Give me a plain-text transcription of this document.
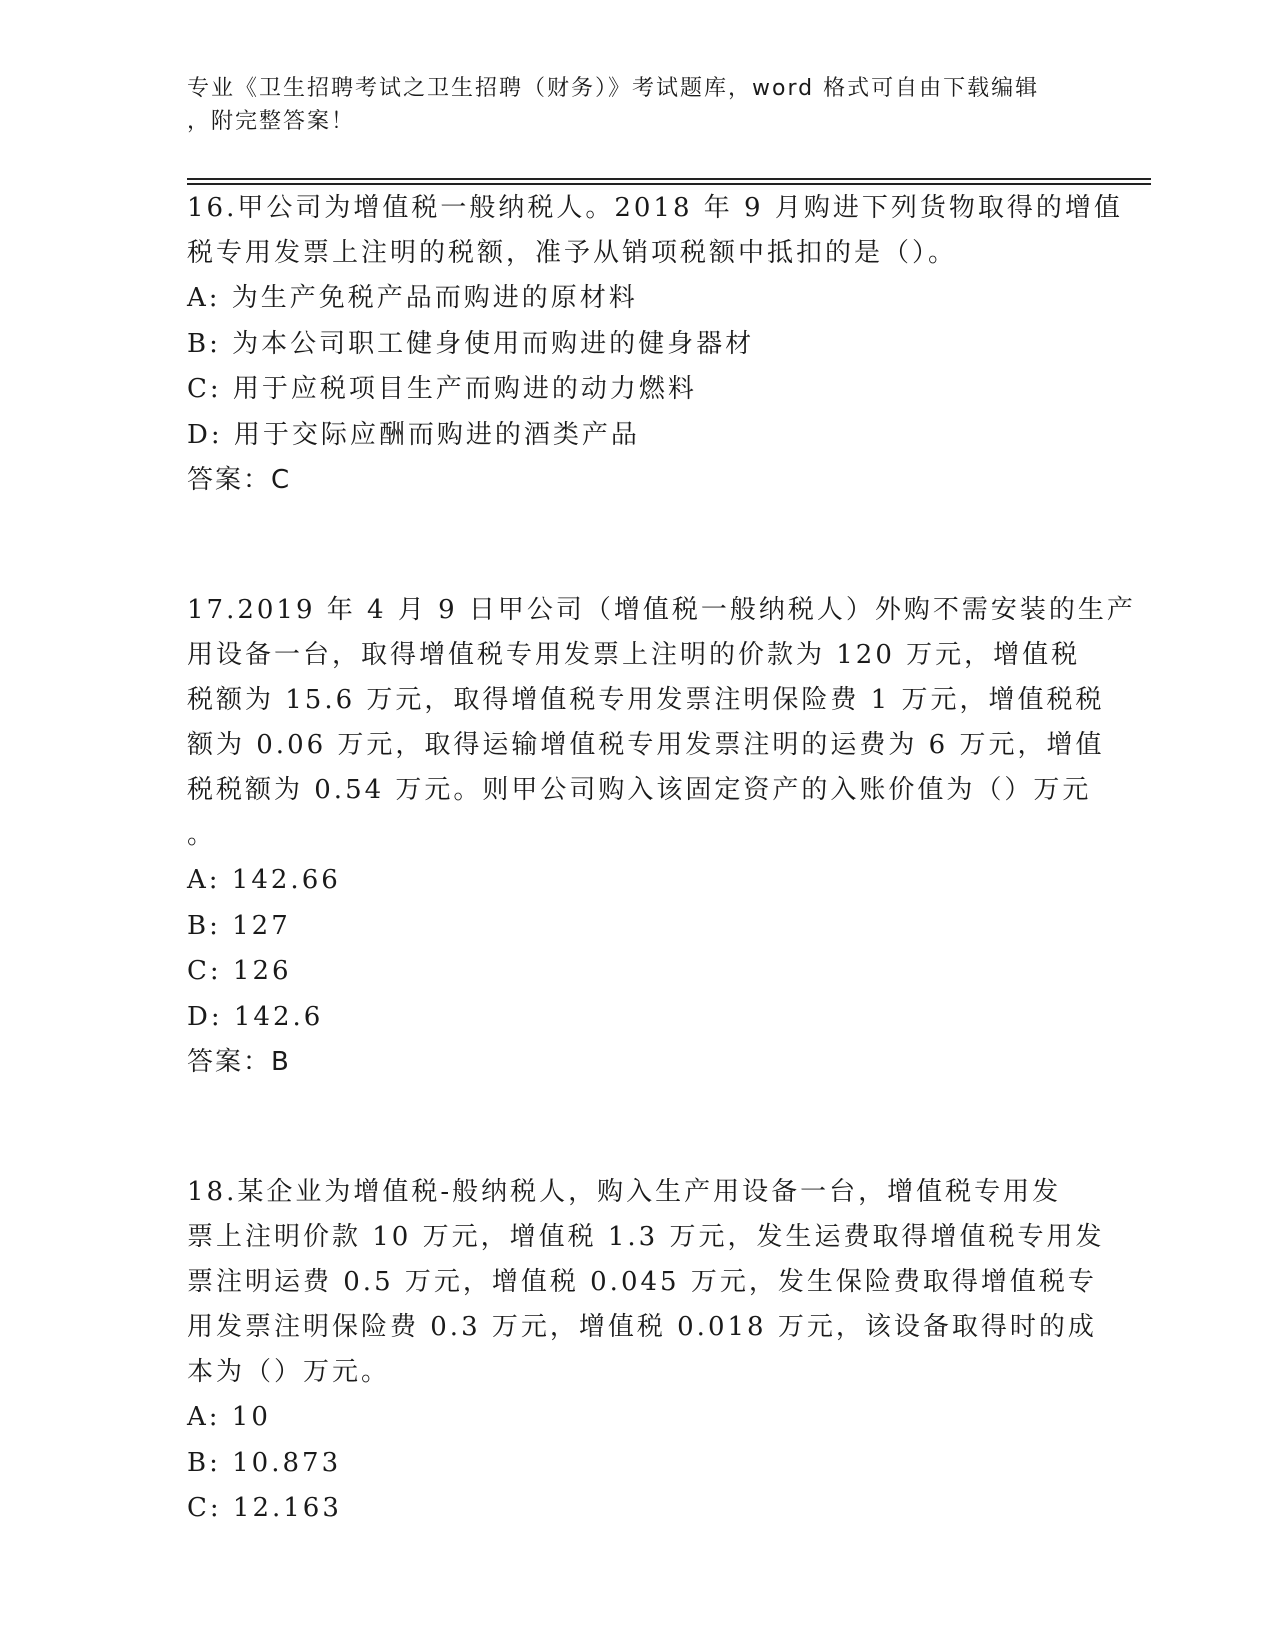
专业《卫生招聘考试之卫生招聘（财务）》考试题库，word 格式可自由下载编辑
，附完整答案！
16.甲公司为增值税一般纳税人。2018 年 9 月购进下列货物取得的增值
税专用发票上注明的税额，准予从销项税额中抵扣的是（）。
A: 为生产免税产品而购进的原材料
B: 为本公司职工健身使用而购进的健身器材
C: 用于应税项目生产而购进的动力燃料
D: 用于交际应酬而购进的酒类产品
答案：C
17.2019 年 4 月 9 日甲公司（增值税一般纳税人）外购不需安装的生产
用设备一台，取得增值税专用发票上注明的价款为 120 万元，增值税
税额为 15.6 万元，取得增值税专用发票注明保险费 1 万元，增值税税
额为 0.06 万元，取得运输增值税专用发票注明的运费为 6 万元，增值
税税额为 0.54 万元。则甲公司购入该固定资产的入账价值为（）万元
。
A: 142.66
B: 127
C: 126
D: 142.6
答案：B
18.某企业为增值税-般纳税人，购入生产用设备一台，增值税专用发
票上注明价款 10 万元，增值税 1.3 万元，发生运费取得增值税专用发
票注明运费 0.5 万元，增值税 0.045 万元，发生保险费取得增值税专
用发票注明保险费 0.3 万元，增值税 0.018 万元，该设备取得时的成
本为（）万元。
A: 10
B: 10.873
C: 12.163
